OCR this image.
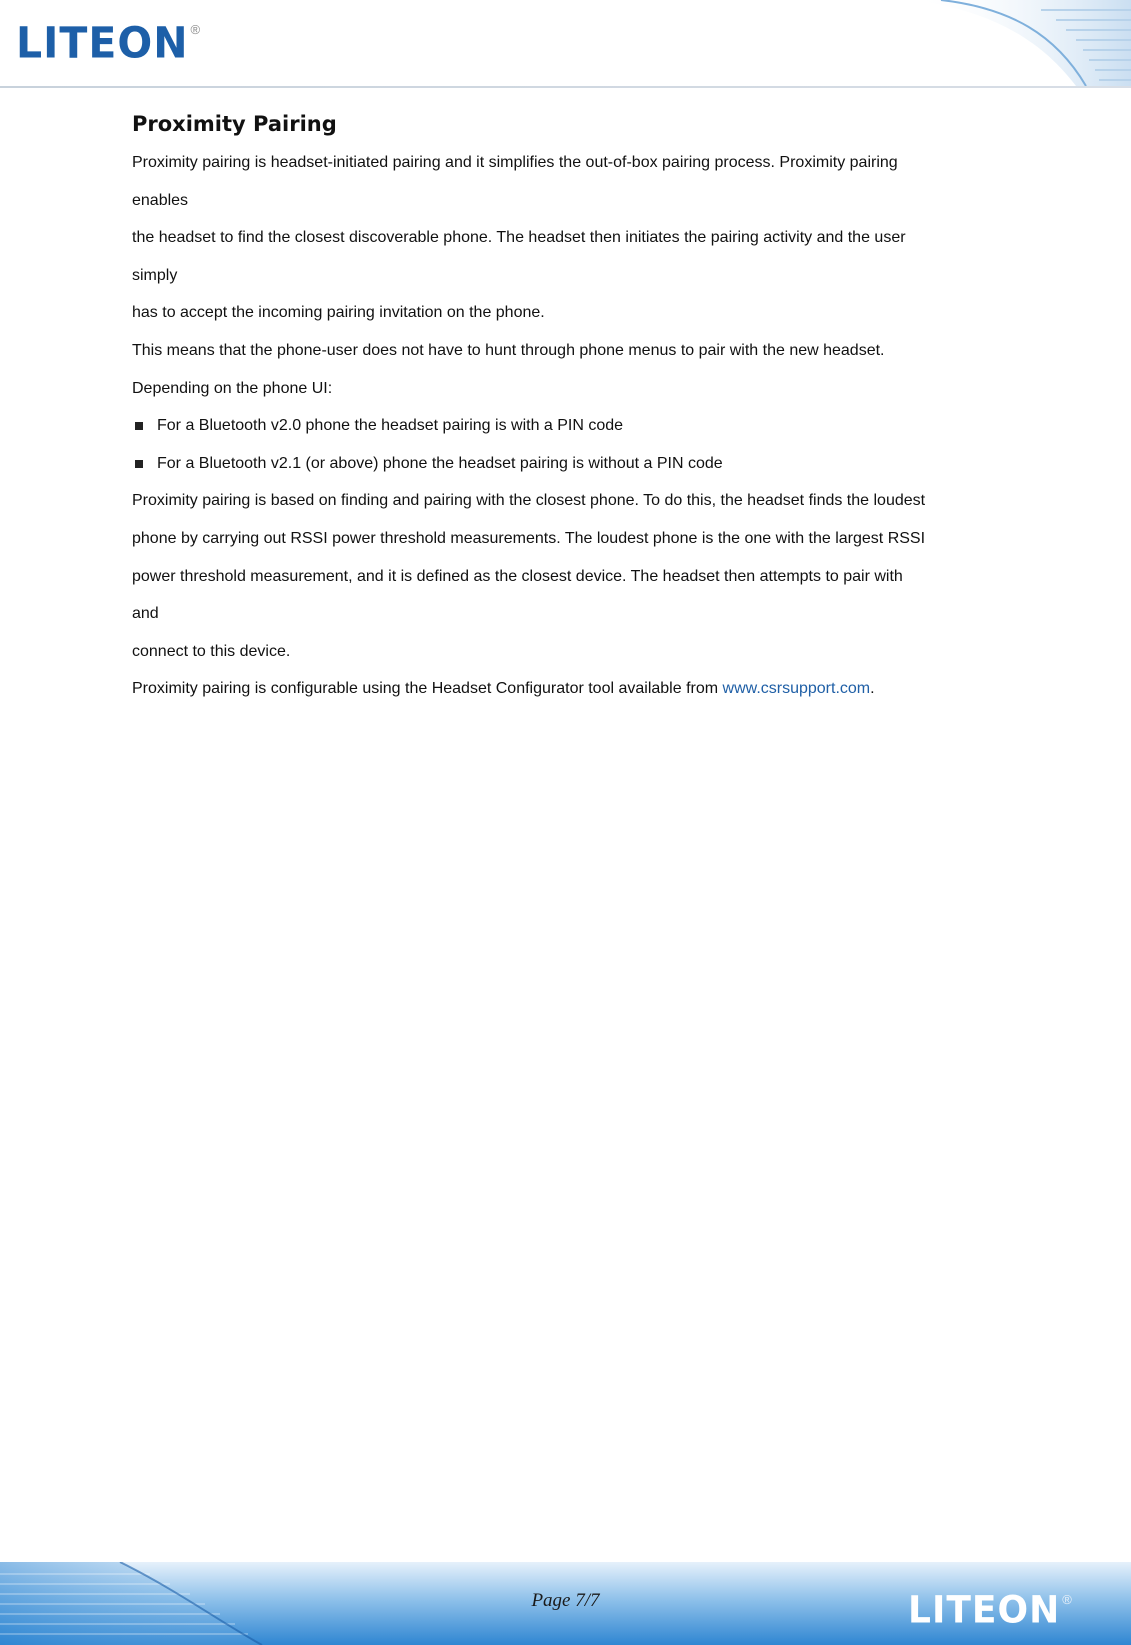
LITEON ®
Proximity Pairing
Proximity pairing is headset-initiated pairing and it simplifies the out-of-box pairing process. Proximity pairing
enables
the headset to find the closest discoverable phone. The headset then initiates the pairing activity and the user
simply
has to accept the incoming pairing invitation on the phone.
This means that the phone-user does not have to hunt through phone menus to pair with the new headset.
Depending on the phone UI:
For a Bluetooth v2.0 phone the headset pairing is with a PIN code
For a Bluetooth v2.1 (or above) phone the headset pairing is without a PIN code
Proximity pairing is based on finding and pairing with the closest phone. To do this, the headset finds the loudest
phone by carrying out RSSI power threshold measurements. The loudest phone is the one with the largest RSSI
power threshold measurement, and it is defined as the closest device. The headset then attempts to pair with
and
connect to this device.
Proximity pairing is configurable using the Headset Configurator tool available from www.csrsupport.com.
Page 7/7	LITEON ®
